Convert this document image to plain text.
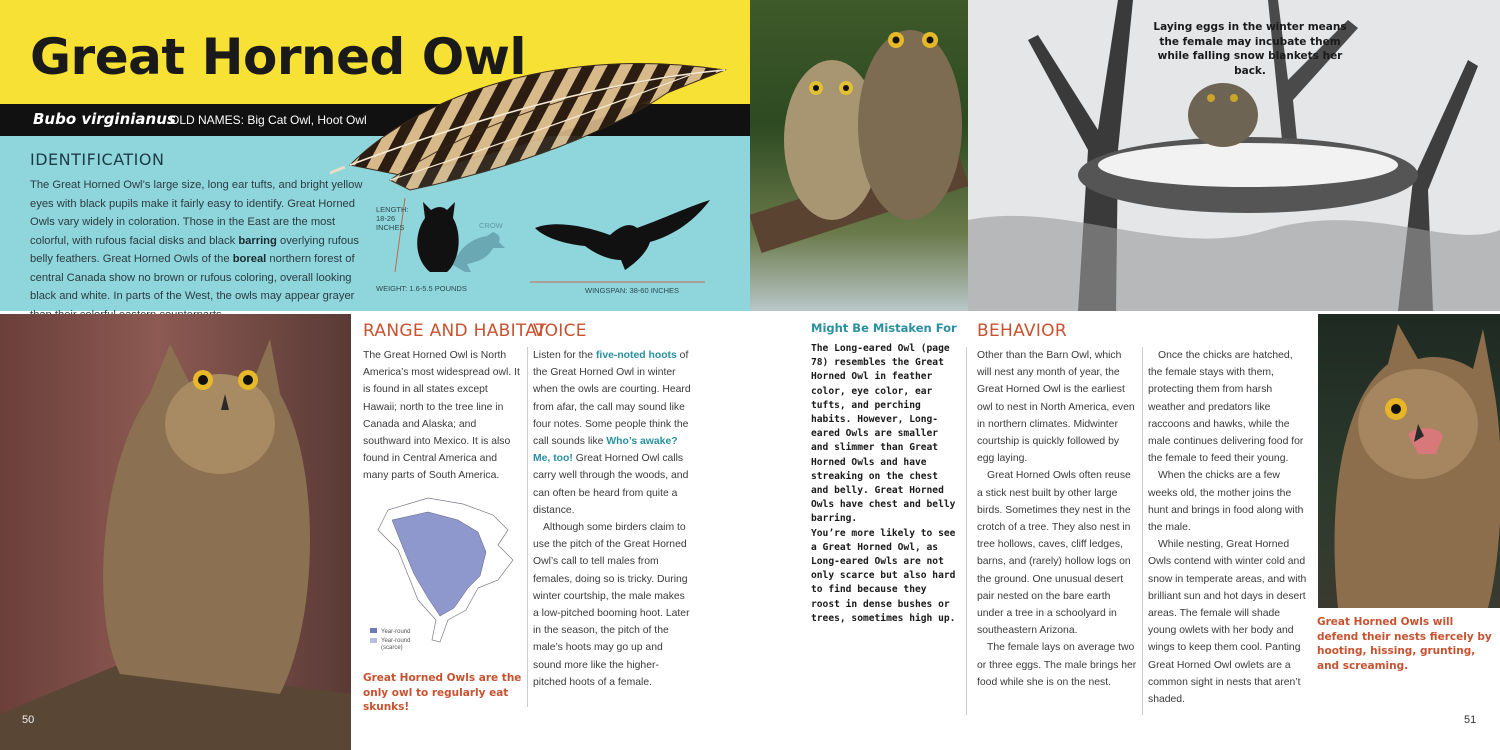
Great Horned Owl
Bubo virginianus
OLD NAMES: Big Cat Owl, Hoot Owl
IDENTIFICATION
The Great Horned Owl’s large size, long ear tufts, and bright yellow eyes with black pupils make it fairly easy to identify. Great Horned Owls vary widely in coloration. Those in the East are the most colorful, with rufous facial disks and black barring overlying rufous belly feathers. Great Horned Owls of the boreal northern forest of central Canada show no brown or rufous coloring, overall looking black and white. In parts of the West, the owls may appear grayer
LENGTH: 18-26 INCHES
WEIGHT: 1.6-5.5 POUNDS
CROW
WINGSPAN: 38-60 INCHES
Laying eggs in the winter means the female may incubate them while falling snow blankets her back.
RANGE AND HABITAT
The Great Horned Owl is North America’s most widespread owl. It is found in all states except Hawaii; north to the tree line in Canada and Alaska; and southward into Mexico. It is also found in Central America and many parts of South America.
Year-round
Year-round (scarce)
Great Horned Owls are the only owl to regularly eat skunks!
VOICE
Listen for the five-noted hoots of the Great Horned Owl in winter when the owls are courting. Heard from afar, the call may sound like four notes. Some people think the call sounds like Who’s awake? Me, too! Great Horned Owl calls carry well through the woods, and can often be heard from quite a distance.
Although some birders claim to use the pitch of the Great Horned Owl’s call to tell males from females, doing so is tricky. During winter courtship, the male makes a low-pitched booming hoot. Later in the season, the pitch of the male’s hoots may go up and sound more like the higher-pitched hoots of a female.
Might Be Mistaken For
The Long-eared Owl (page 78) resembles the Great Horned Owl in feather color, eye color, ear tufts, and perching habits. However, Long-eared Owls are smaller and slimmer than Great Horned Owls and have streaking on the chest and belly. Great Horned Owls have chest and belly barring.
You’re more likely to see a Great Horned Owl, as Long-eared Owls are not only scarce but also hard to find because they roost in dense bushes or trees, sometimes high up.
BEHAVIOR
Other than the Barn Owl, which will nest any month of year, the Great Horned Owl is the earliest owl to nest in North America, even in northern climates. Midwinter courtship is quickly followed by egg laying.
Great Horned Owls often reuse a stick nest built by other large birds. Sometimes they nest in the crotch of a tree. They also nest in tree hollows, caves, cliff ledges, barns, and (rarely) hollow logs on the ground. One unusual desert pair nested on the bare earth under a tree in a schoolyard in southeastern Arizona.
The female lays on average two or three eggs. The male brings her food while she is on the nest.
Once the chicks are hatched, the female stays with them, protecting them from harsh weather and predators like raccoons and hawks, while the male continues delivering food for the female to feed their young.
When the chicks are a few weeks old, the mother joins the hunt and brings in food along with the male.
While nesting, Great Horned Owls contend with winter cold and snow in temperate areas, and with brilliant sun and hot days in desert areas. The female will shade young owlets with her body and wings to keep them cool. Panting Great Horned Owl owlets are a common sight in nests that aren’t shaded.
Great Horned Owls will defend their nests fiercely by hooting, hissing, grunting, and screaming.
50	51
